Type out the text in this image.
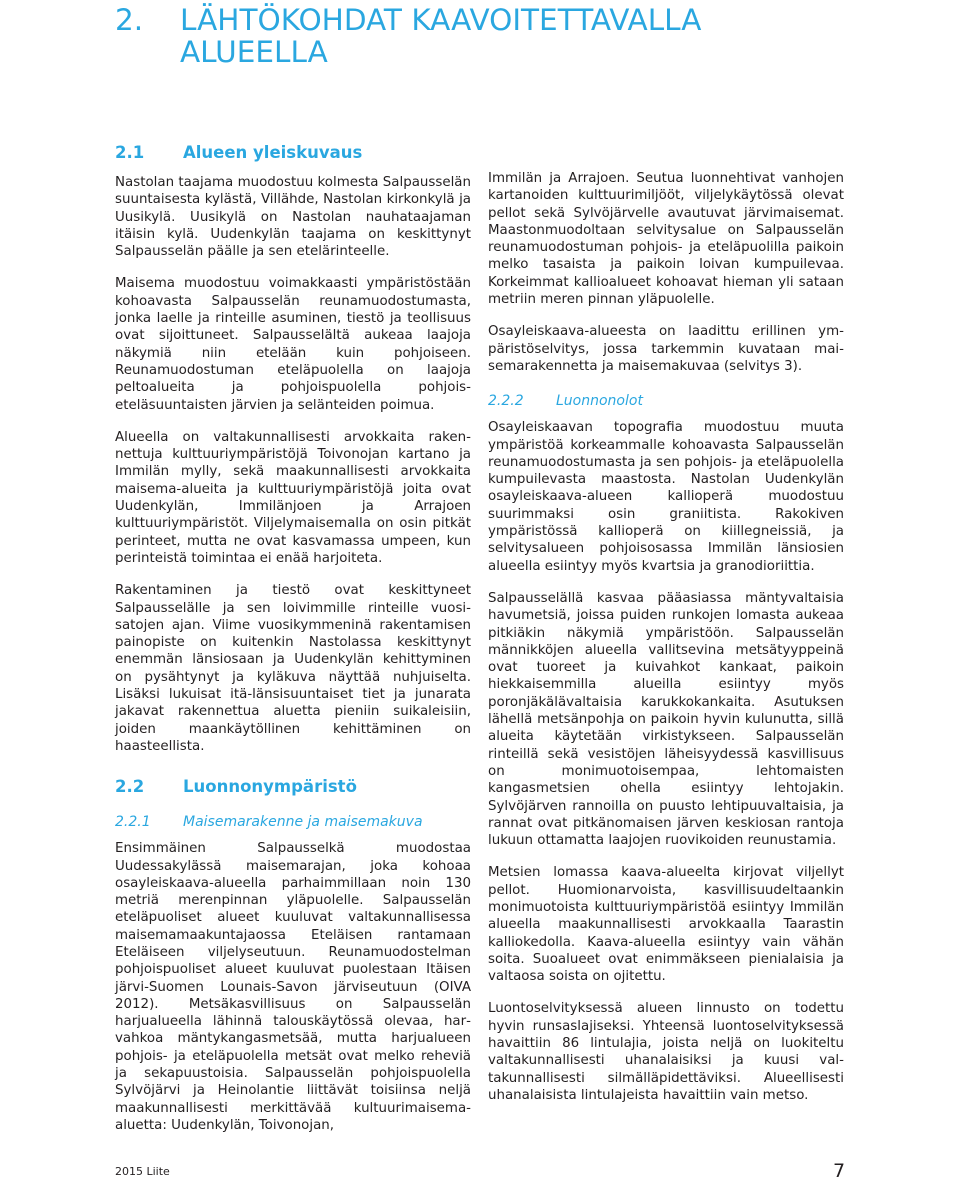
2. LÄHTÖKOHDAT KAAVOITETTAVALLA
ALUEELLA
2.1 Alueen yleiskuvaus

Nastolan taajama muodostuu kolmesta Salpausselän suuntaisesta kylästä, Villähde, Nastolan kirkonkylä ja Uusikylä. Uusikylä on Nastolan nauhataajaman itäisin kylä. Uudenkylän taajama on keskittynyt Salpausselän päälle ja sen etelärinteelle.

Maisema muodostuu voimakkaasti ympäristöstään kohoavasta Salpausselän reunamuodostumasta, jonka laelle ja rinteille asuminen, tiestö ja teollisuus ovat sijoittuneet. Salpausselältä aukeaa laajoja näkymiä niin etelään kuin pohjoiseen. Reunamuodostuman eteläpuolella on laajoja peltoalueita ja pohjoispuolella pohjois-eteläsuuntaisten järvien ja selänteiden poimua.

Alueella on valtakunnallisesti arvokkaita rakennettuja kulttuuriympäristöjä Toivonojan kartano ja Immilän mylly, sekä maakunnallisesti arvokkaita maisema-alueita ja kulttuuriympäristöjä joita ovat Uudenkylän, Immilänjoen ja Arrajoen kulttuuriympäristöt. Viljelymaisemalla on osin pitkät perinteet, mutta ne ovat kasvamassa umpeen, kun perinteistä toimintaa ei enää harjoiteta.

Rakentaminen ja tiestö ovat keskittyneet Salpausselälle ja sen loivimmille rinteille vuosisatojen ajan. Viime vuosikymmeninä rakentamisen painopiste on kuitenkin Nastolassa keskittynyt enemmän länsiosaan ja Uudenkylän kehittyminen on pysähtynyt ja kyläkuva näyttää nuhjuiselta. Lisäksi lukuisat itä-länsisuuntaiset tiet ja junarata jakavat rakennettua aluetta pieniin suikaleisiin, joiden maankäytöllinen kehittäminen on haasteellista.

2.2 Luonnonympäristö
2.2.1 Maisemarakenne ja maisemakuva

Ensimmäinen Salpausselkä muodostaa Uudessakylässä maisemarajan, joka kohoaa osayleiskaava-alueella parhaimmillaan noin 130 metriä merenpinnan yläpuolelle. Salpausselän eteläpuoliset alueet kuuluvat valtakunnallisessa maisemamaakuntajaossa Eteläisen rantamaan Eteläiseen viljelyseutuun. Reunamuodostelman pohjoispuoliset alueet kuuluvat puolestaan Itäisen järvi-Suomen Lounais-Savon järviseutuun (OIVA 2012). Metsäkasvillisuus on Salpausselän harjualueella lähinnä talouskäytössä olevaa, harvahkoa mäntykangasmetsää, mutta harjualueen pohjois- ja eteläpuolella metsät ovat melko reheviä ja sekapuustoisia. Salpausselän pohjoispuolella Sylvöjärvi ja Heinolantie liittävät toisiinsa neljä maakunnallisesti merkittävää kultuurimaisema-aluetta: Uudenkylän, Toivonojan,

Immilän ja Arrajoen. Seutua luonnehtivat vanhojen kartanoiden kulttuurimiljööt, viljelykäytössä olevat pellot sekä Sylvöjärvelle avautuvat järvimaisemat. Maastonmuodoltaan selvitysalue on Salpausselän reunamuodostuman pohjois- ja eteläpuolilla paikoin melko tasaista ja paikoin loivan kumpuilevaa. Korkeimmat kallioalueet kohoavat hieman yli sataan metriin meren pinnan yläpuolelle.

Osayleiskaava-alueesta on laadittu erillinen ympäristöselvitys, jossa tarkemmin kuvataan maisemarakennetta ja maisemakuvaa (selvitys 3).

2.2.2 Luonnonolot

Osayleiskaavan topografia muodostuu muuta ympäristöä korkeammalle kohoavasta Salpausselän reunamuodostumasta ja sen pohjois- ja eteläpuolella kumpuilevasta maastosta. Nastolan Uudenkylän osayleiskaava-alueen kallioperä muodostuu suurimmaksi osin graniitista. Rakokiven ympäristössä kallioperä on kiillegneissiä, ja selvitysalueen pohjoisosassa Immilän länsiosien alueella esiintyy myös kvartsia ja granodioriittia.

Salpausselällä kasvaa pääasiassa mäntyvaltaisia havumetsiä, joissa puiden runkojen lomasta aukeaa pitkiäkin näkymiä ympäristöön. Salpausselän männikköjen alueella vallitsevina metsätyyppeinä ovat tuoreet ja kuivahkot kankaat, paikoin hiekkaisemmilla alueilla esiintyy myös poronjäkälävaltaisia karukkokankaita. Asutuksen lähellä metsänpohja on paikoin hyvin kulunutta, sillä alueita käytetään virkistykseen. Salpausselän rinteillä sekä vesistöjen läheisyydessä kasvillisuus on monimuotoisempaa, lehtomaisten kangasmetsien ohella esiintyy lehtojakin. Sylvöjärven rannoilla on puusto lehtipuuvaltaisia, ja rannat ovat pitkänomaisen järven keskiosan rantoja lukuun ottamatta laajojen ruovikoiden reunustamia.

Metsien lomassa kaava-alueelta kirjovat viljellyt pellot. Huomionarvoista, kasvillisuudeltaankin monimuotoista kulttuuriympäristöä esiintyy Immilän alueella maakunnallisesti arvokkaalla Taarastin kalliokedolla. Kaava-alueella esiintyy vain vähän soita. Suoalueet ovat enimmäkseen pienialaisia ja valtaosa soista on ojitettu.

Luontoselvityksessä alueen linnusto on todettu hyvin runsaslajiseksi. Yhteensä luontoselvityksessä havaittiin 86 lintulajia, joista neljä on luokiteltu valtakunnallisesti uhanalaisiksi ja kuusi valtakunnallisesti silmälläpidettäviksi. Alueellisesti uhanalaisista lintulajeista havaittiin vain metso.

2015 Liite	7
